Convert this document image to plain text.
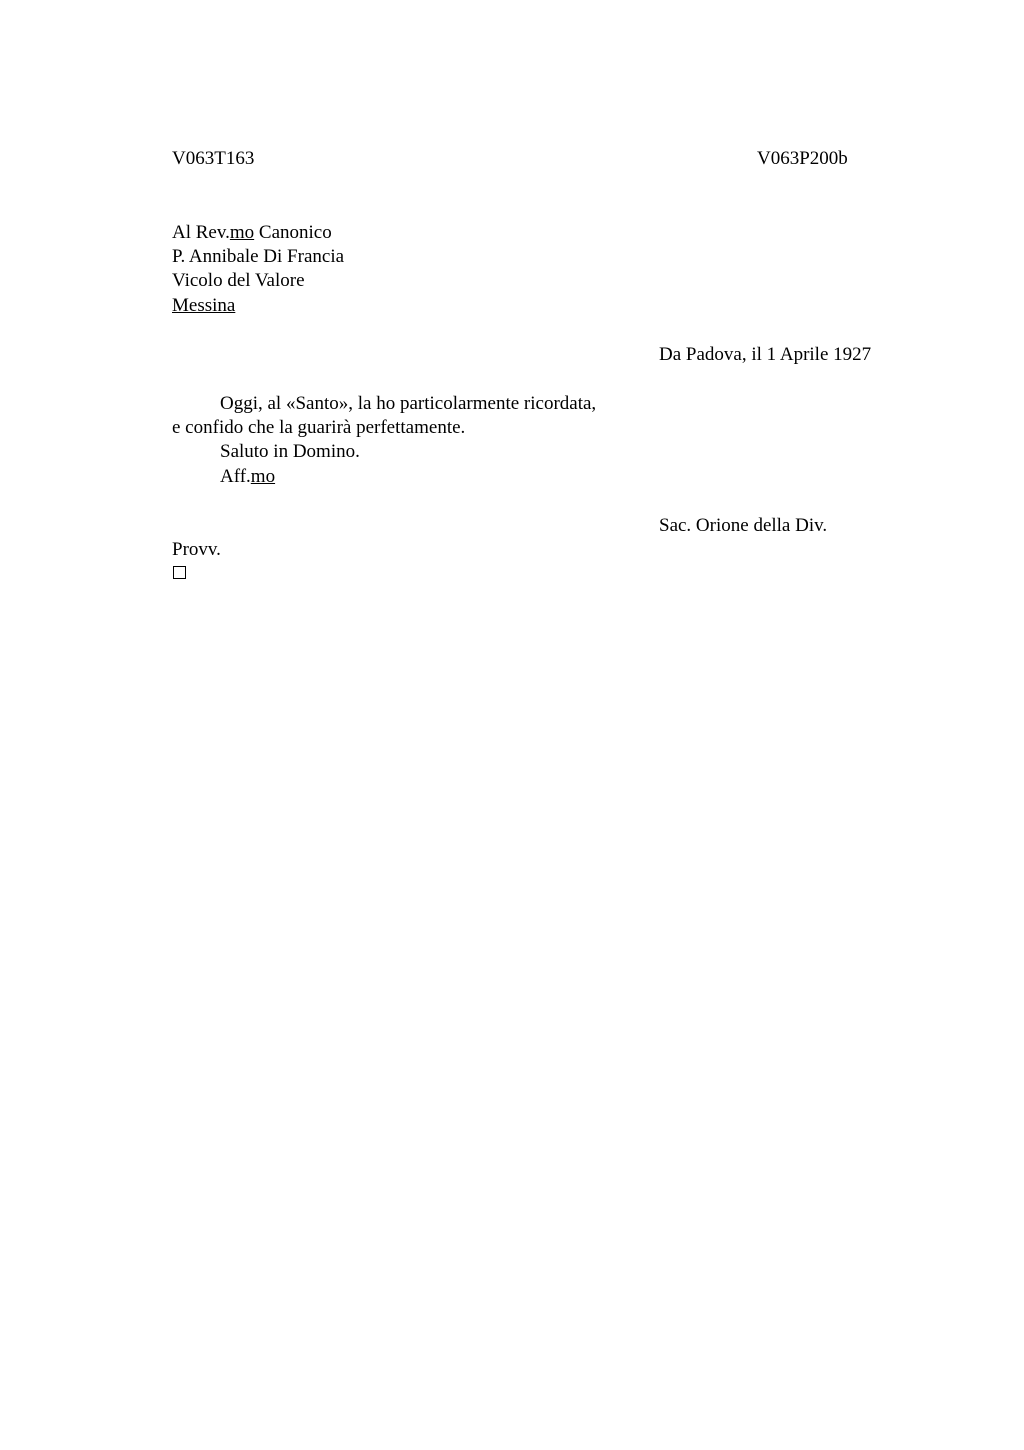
V063T163	V063P200b
Al Rev.mo Canonico
P. Annibale Di Francia
Vicolo del Valore
Messina
Da Padova, il 1 Aprile 1927
Oggi, al «Santo», la ho particolarmente ricordata,
e confido che la guarirà perfettamente.
Saluto in Domino.
Aff.mo
Sac. Orione della Div.
Provv.
